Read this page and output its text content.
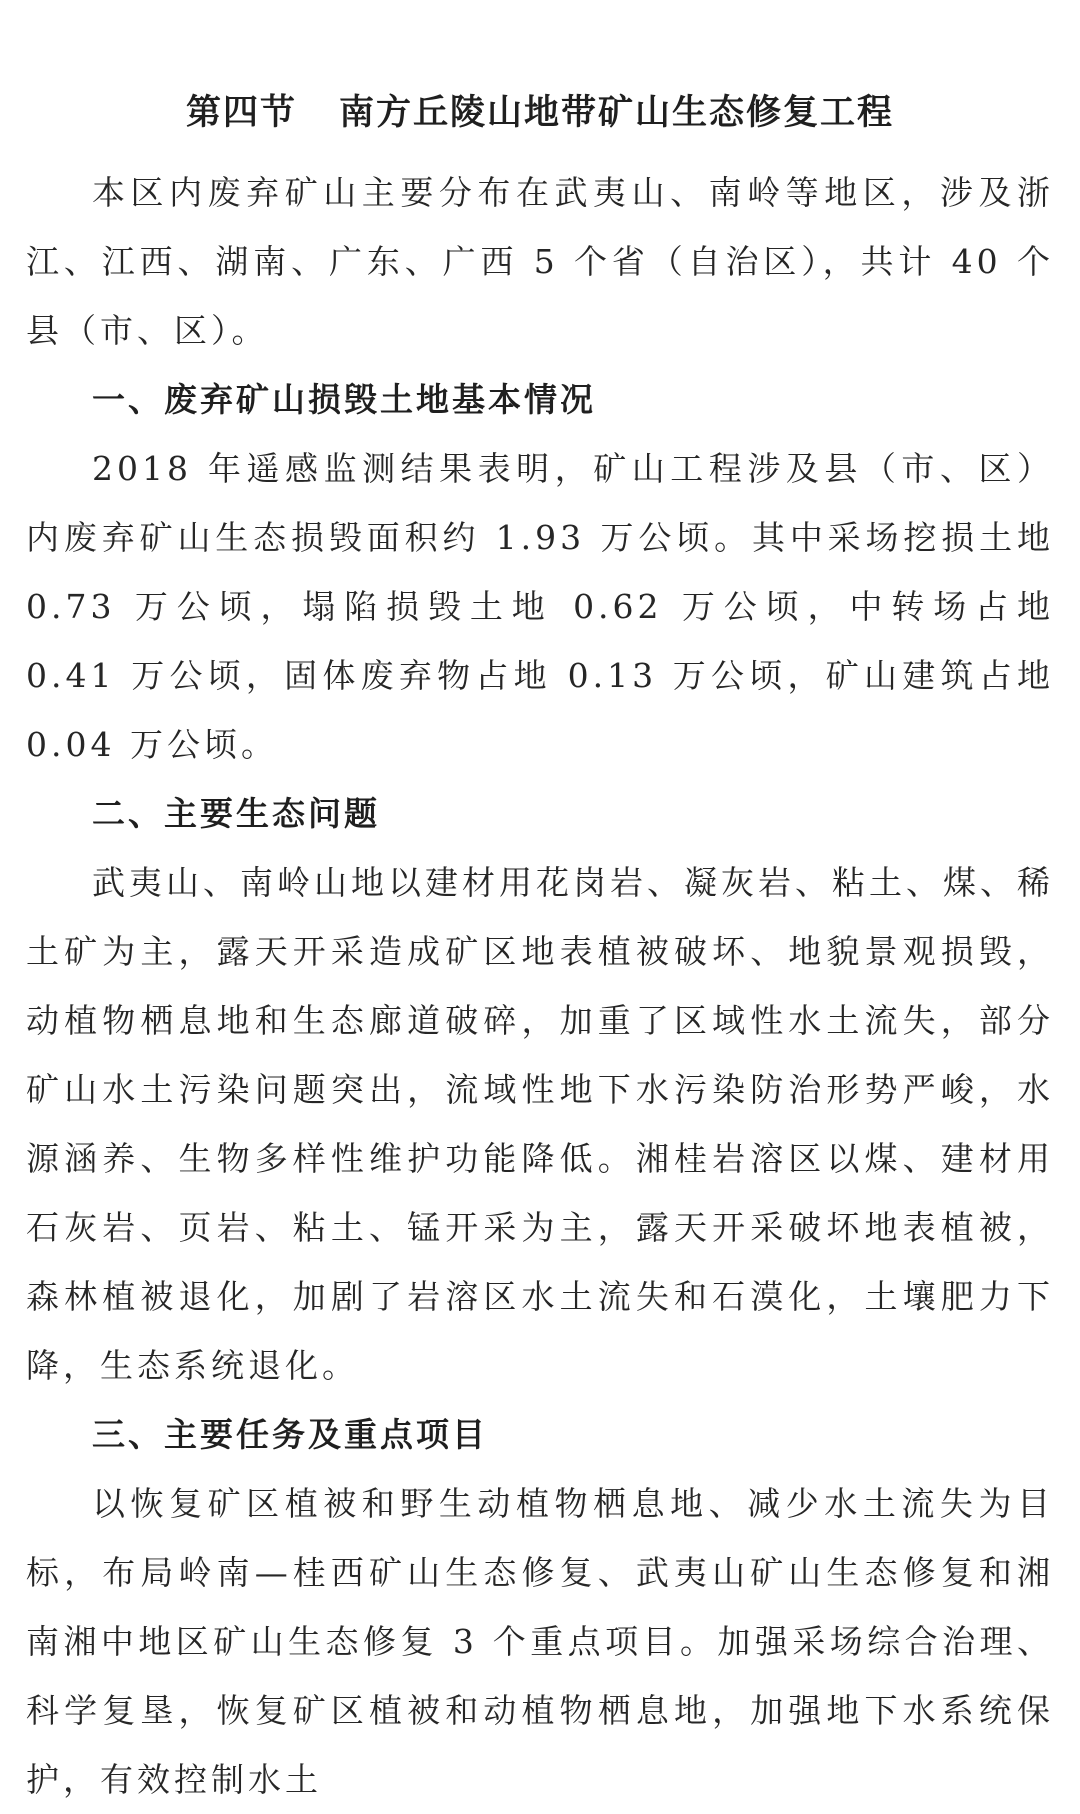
第四节 南方丘陵山地带矿山生态修复工程

本区内废弃矿山主要分布在武夷山、南岭等地区，涉及浙江、江西、湖南、广东、广西 5 个省（自治区），共计 40 个县（市、区）。

一、废弃矿山损毁土地基本情况

2018 年遥感监测结果表明，矿山工程涉及县（市、区）内废弃矿山生态损毁面积约 1.93 万公顷。其中采场挖损土地 0.73 万公顷，塌陷损毁土地 0.62 万公顷，中转场占地 0.41 万公顷，固体废弃物占地 0.13 万公顷，矿山建筑占地 0.04 万公顷。

二、主要生态问题

武夷山、南岭山地以建材用花岗岩、凝灰岩、粘土、煤、稀土矿为主，露天开采造成矿区地表植被破坏、地貌景观损毁，动植物栖息地和生态廊道破碎，加重了区域性水土流失，部分矿山水土污染问题突出，流域性地下水污染防治形势严峻，水源涵养、生物多样性维护功能降低。湘桂岩溶区以煤、建材用石灰岩、页岩、粘土、锰开采为主，露天开采破坏地表植被，森林植被退化，加剧了岩溶区水土流失和石漠化，土壤肥力下降，生态系统退化。

三、主要任务及重点项目

以恢复矿区植被和野生动植物栖息地、减少水土流失为目标，布局岭南—桂西矿山生态修复、武夷山矿山生态修复和湘南湘中地区矿山生态修复 3 个重点项目。加强采场综合治理、科学复垦，恢复矿区植被和动植物栖息地，加强地下水系统保护，有效控制水土
